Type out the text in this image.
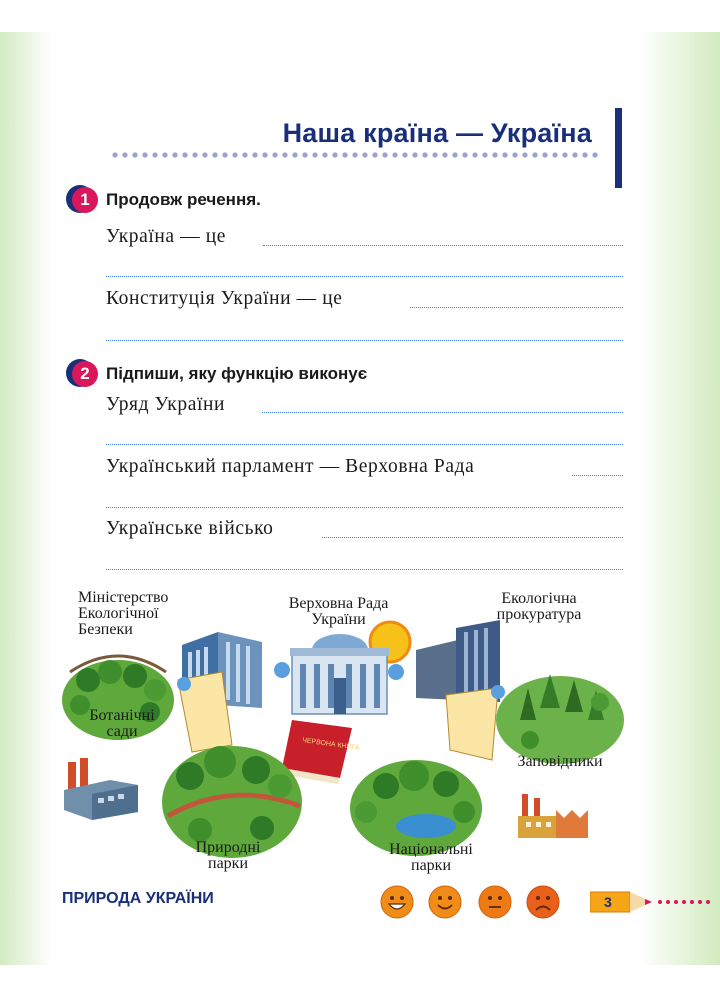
Наша країна — Україна
1 Продовж речення.
Україна — це
Конституція України — це
2 Підпиши, яку функцію виконує
Уряд України
Український парламент — Верховна Рада
Українське військо
ЧЕРВОНА КНИГА
Міністерство
Екологічної
Безпеки
Верховна Рада
України
Екологічна
прокуратура
Ботанічні
сади
Заповідники
Природні
парки
Національні
парки
ПРИРОДА УКРАЇНИ	3
